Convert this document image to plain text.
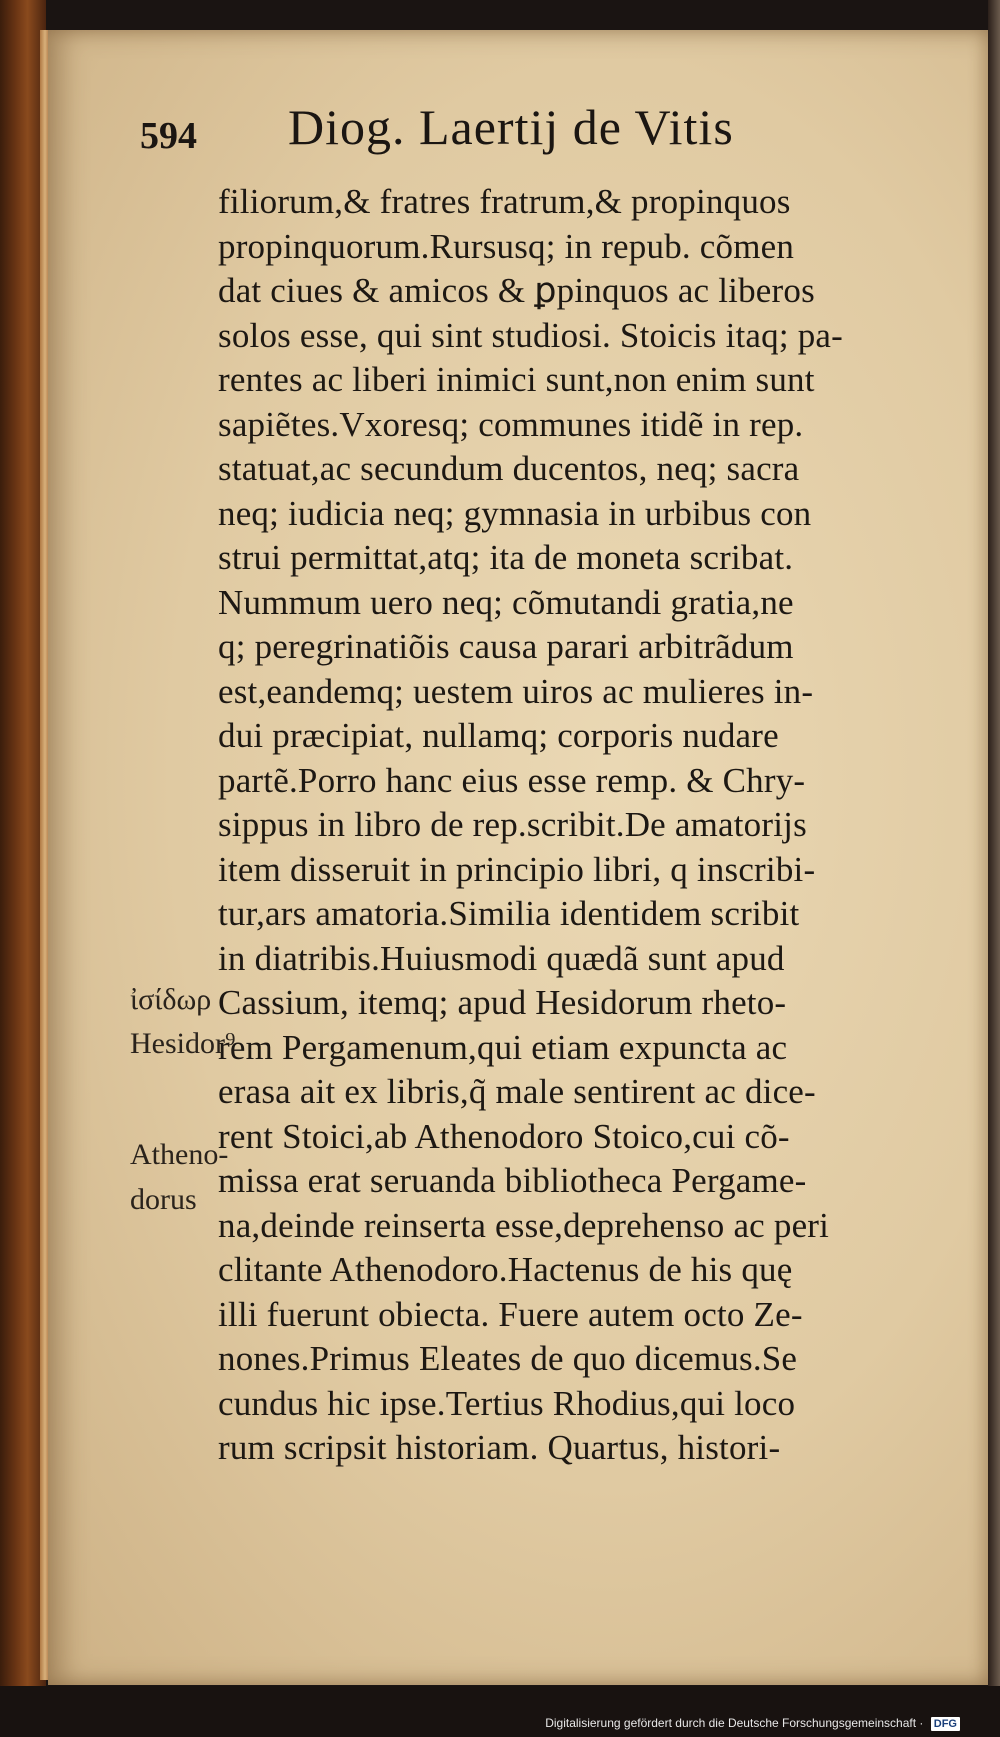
594 Diog. Laertij de Vitis
filiorum,& fratres fratrum,& propinquos
propinquorum.Rursusq; in repub. cõmen
dat ciues & amicos & ꝑpinquos ac liberos
solos esse, qui sint studiosi. Stoicis itaq; pa-
rentes ac liberi inimici sunt,non enim sunt
sapiẽtes.Vxoresq; communes itidẽ in rep.
statuat,ac secundum ducentos, neq; sacra
neq; iudicia neq; gymnasia in urbibus con
strui permittat,atq; ita de moneta scribat.
Nummum uero neq; cõmutandi gratia,ne
q; peregrinatiõis causa parari arbitrãdum
est,eandemq; uestem uiros ac mulieres in-
dui præcipiat, nullamq; corporis nudare
partẽ.Porro hanc eius esse remp. & Chry-
sippus in libro de rep.scribit.De amatorijs
item disseruit in principio libri, q inscribi-
tur,ars amatoria.Similia identidem scribit
in diatribis.Huiusmodi quædã sunt apud
Cassium, itemq; apud Hesidorum rheto-
rem Pergamenum,qui etiam expuncta ac
erasa ait ex libris,q̃ male sentirent ac dice-
rent Stoici,ab Athenodoro Stoico,cui cõ-
missa erat seruanda bibliotheca Pergame-
na,deinde reinserta esse,deprehenso ac peri
clitante Athenodoro.Hactenus de his quę
illi fuerunt obiecta. Fuere autem octo Ze-
nones.Primus Eleates de quo dicemus.Se
cundus hic ipse.Tertius Rhodius,qui loco
rum scripsit historiam. Quartus, histori-
ἰσίδωρ
Hesidor⁹
Atheno-
dorus
Digitalisierung gefördert durch die Deutsche Forschungsgemeinschaft · DFG
